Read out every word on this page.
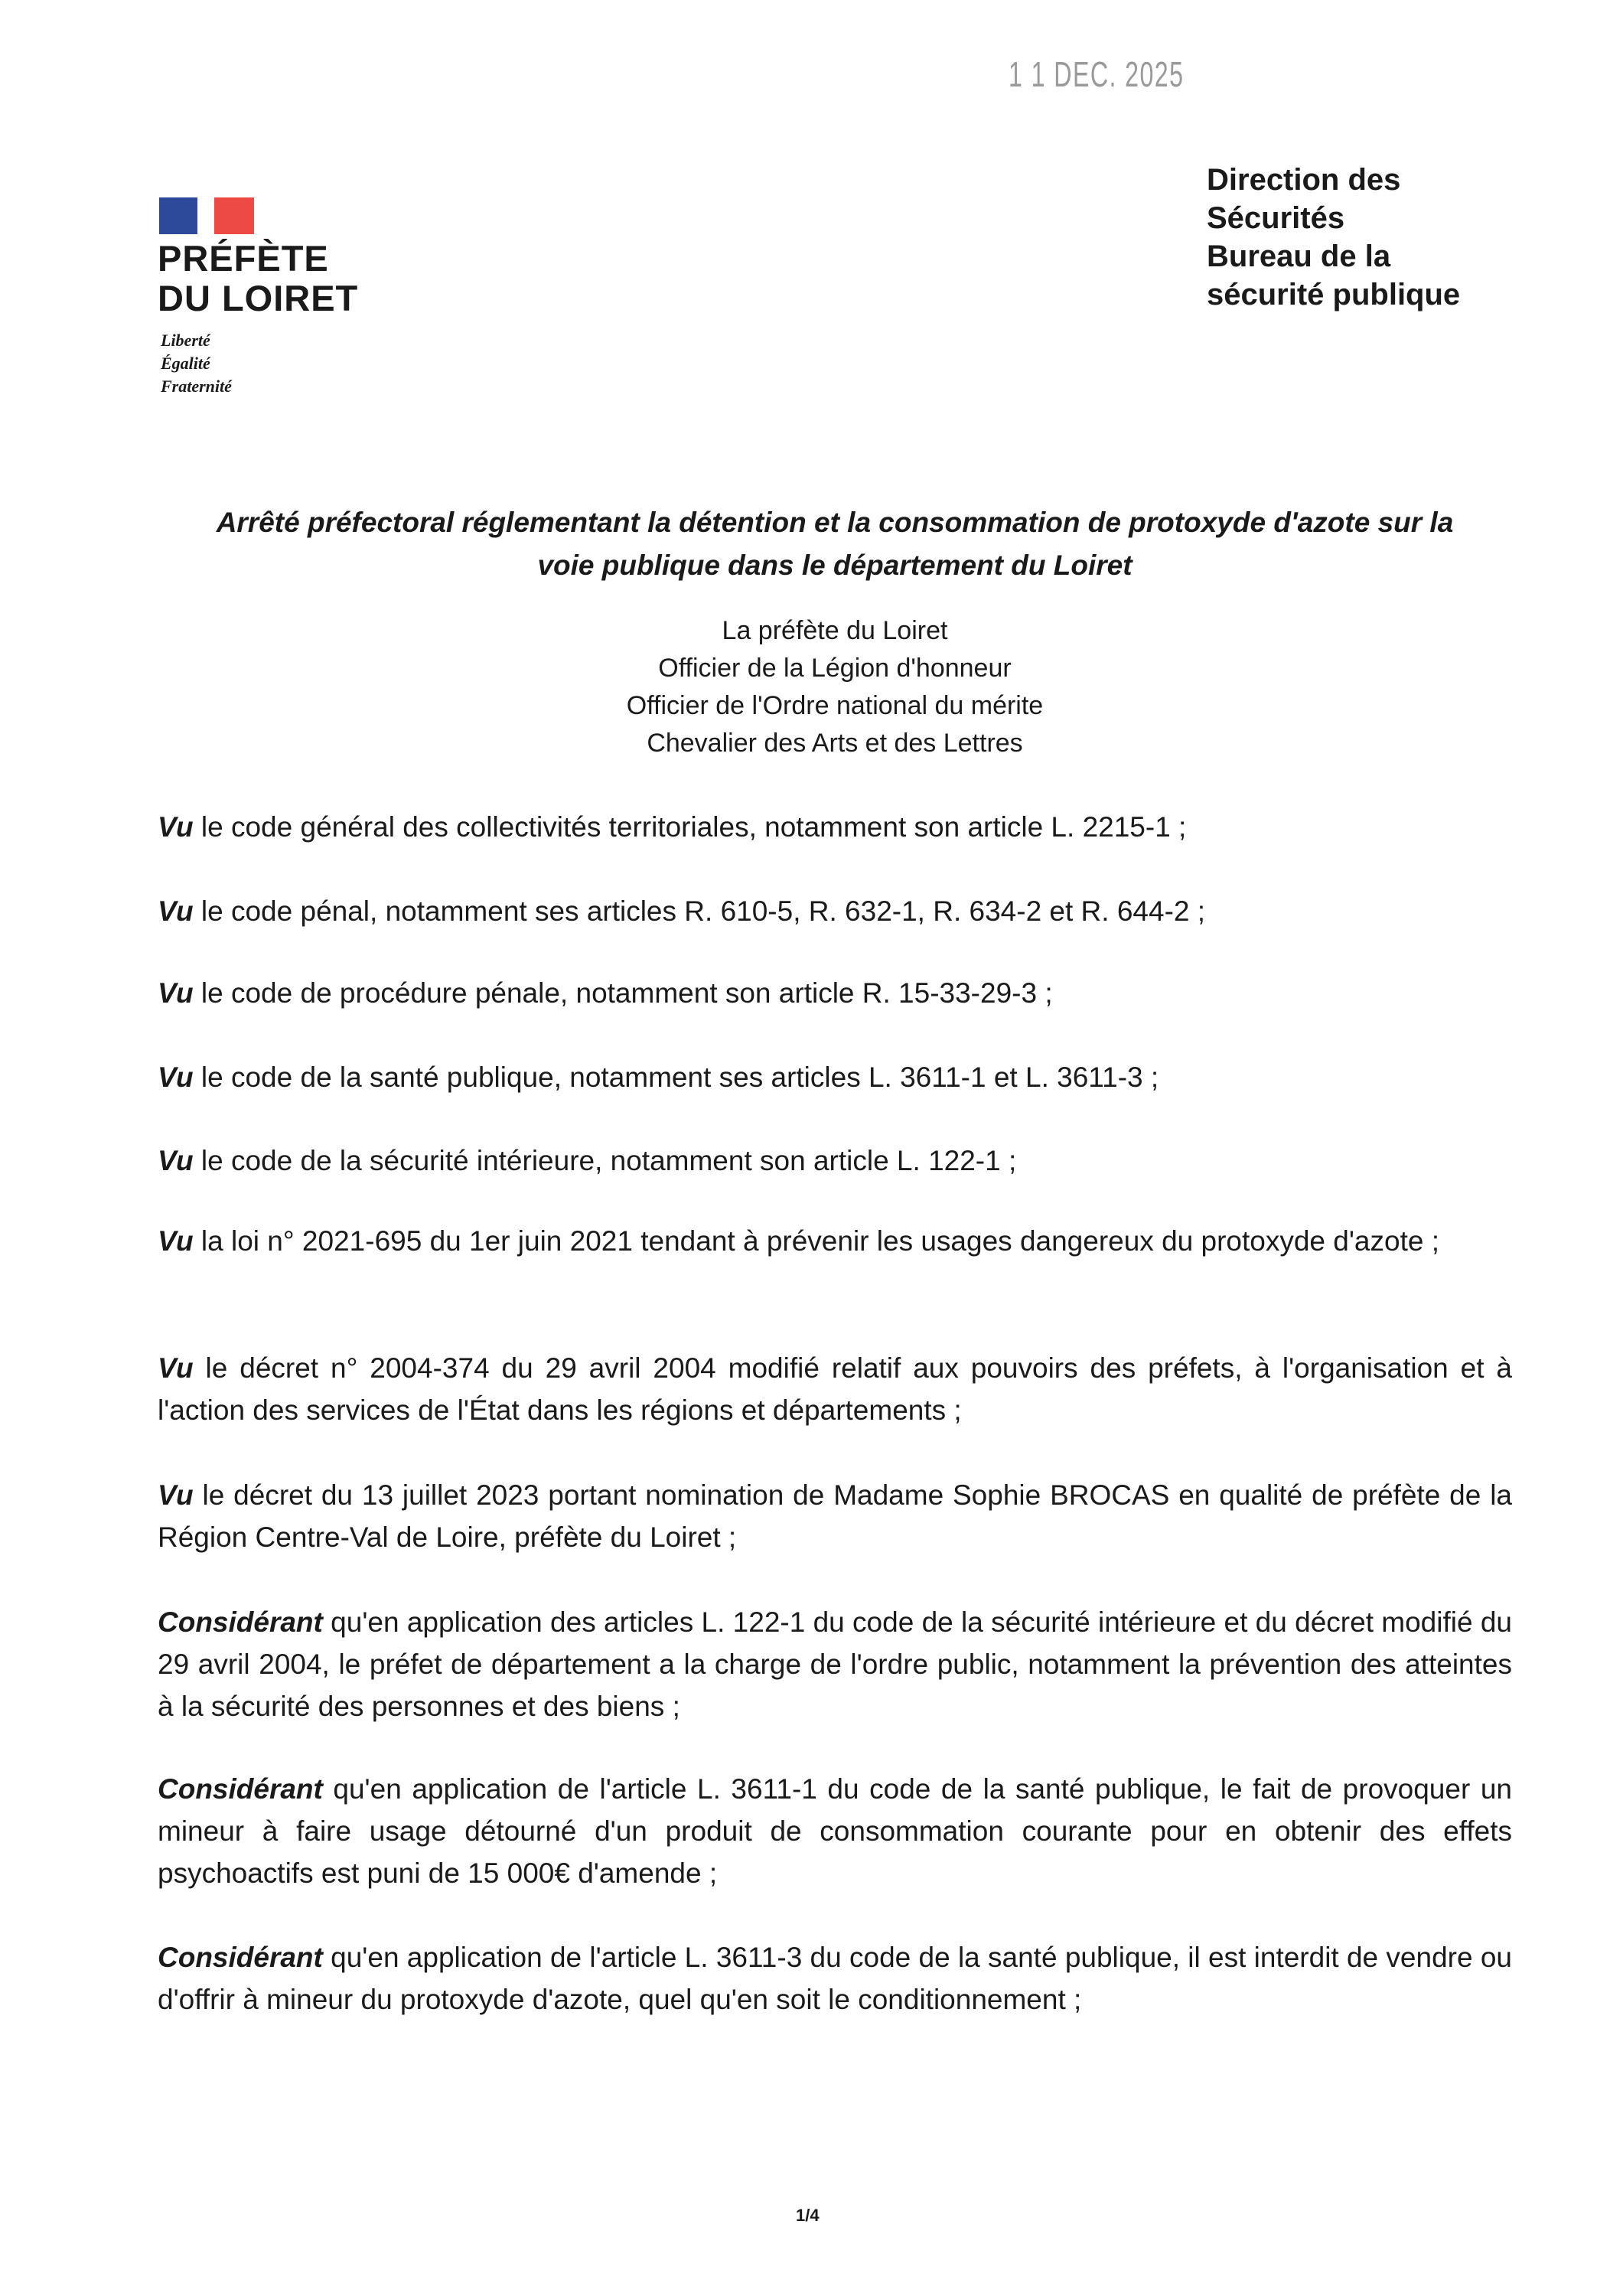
1 1 DEC. 2025
PRÉFÈTE
DU LOIRET
Liberté
Égalité
Fraternité
Direction des
Sécurités
Bureau de la
sécurité publique
Arrêté préfectoral réglementant la détention et la consommation de protoxyde d'azote sur la
voie publique dans le département du Loiret
La préfète du Loiret
Officier de la Légion d'honneur
Officier de l'Ordre national du mérite
Chevalier des Arts et des Lettres
Vu le code général des collectivités territoriales, notamment son article L. 2215-1 ;
Vu le code pénal, notamment ses articles R. 610-5, R. 632-1, R. 634-2 et R. 644-2 ;
Vu le code de procédure pénale, notamment son article R. 15-33-29-3 ;
Vu le code de la santé publique, notamment ses articles L. 3611-1 et L. 3611-3 ;
Vu le code de la sécurité intérieure, notamment son article L. 122-1 ;
Vu la loi n° 2021-695 du 1er juin 2021 tendant à prévenir les usages dangereux du protoxyde d'azote ;
Vu le décret n° 2004-374 du 29 avril 2004 modifié relatif aux pouvoirs des préfets, à l'organisation et à l'action des services de l'État dans les régions et départements ;
Vu le décret du 13 juillet 2023 portant nomination de Madame Sophie BROCAS en qualité de préfète de la Région Centre-Val de Loire, préfète du Loiret ;
Considérant qu'en application des articles L. 122-1 du code de la sécurité intérieure et du décret modifié du 29 avril 2004, le préfet de département a la charge de l'ordre public, notamment la prévention des atteintes à la sécurité des personnes et des biens ;
Considérant qu'en application de l'article L. 3611-1 du code de la santé publique, le fait de provoquer un mineur à faire usage détourné d'un produit de consommation courante pour en obtenir des effets psychoactifs est puni de 15 000€ d'amende ;
Considérant qu'en application de l'article L. 3611-3 du code de la santé publique, il est interdit de vendre ou d'offrir à mineur du protoxyde d'azote, quel qu'en soit le conditionnement ;
1/4
